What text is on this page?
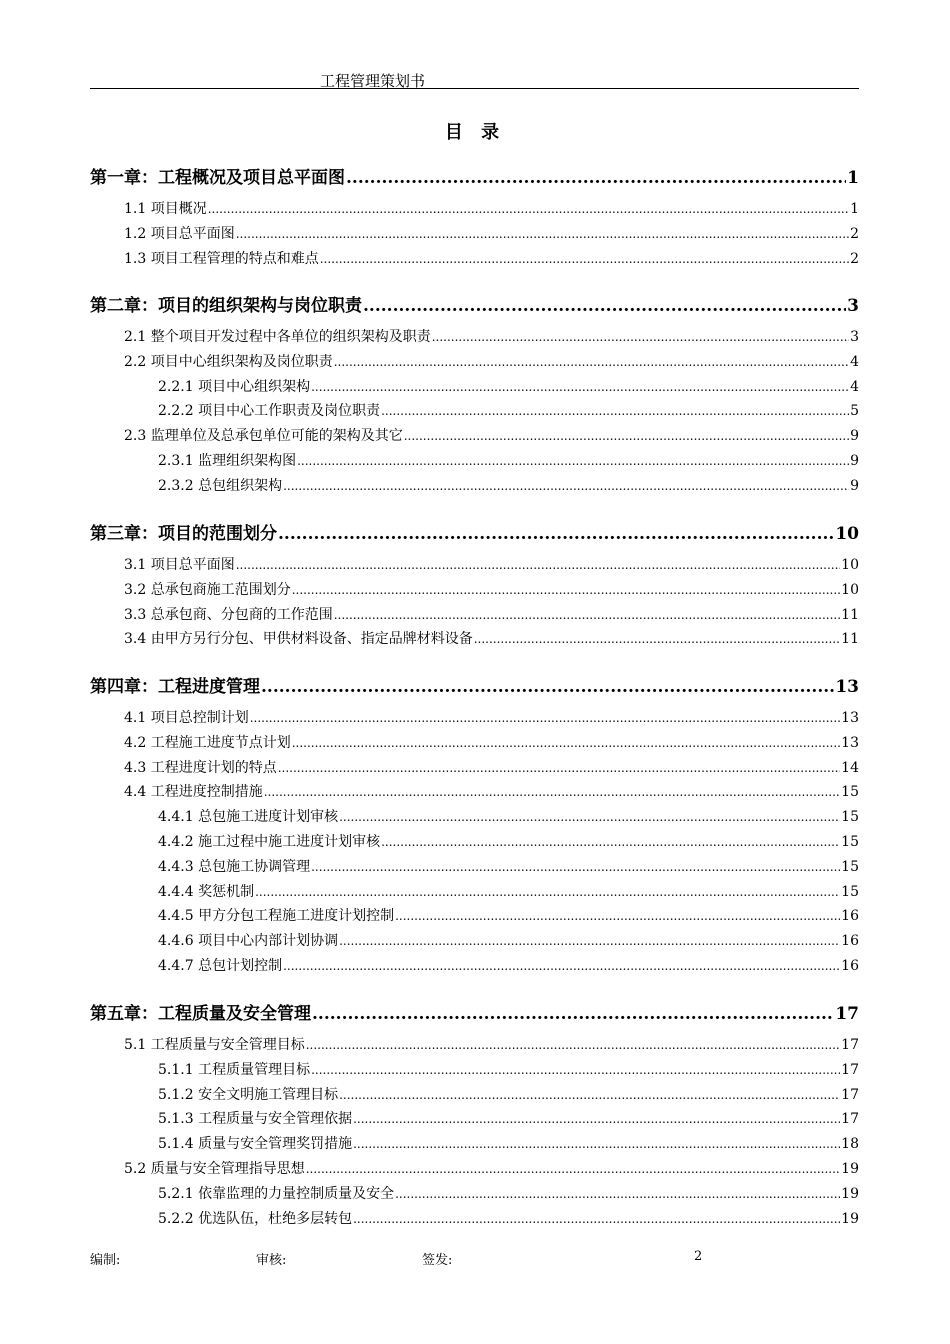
工程管理策划书
目 录
第一章：工程概况及项目总平面图 .....	1
1.1 项目概况 .....	1
1.2 项目总平面图 .....	2
1.3 项目工程管理的特点和难点 .....	2
第二章：项目的组织架构与岗位职责 .....	3
2.1 整个项目开发过程中各单位的组织架构及职责 .....	3
2.2 项目中心组织架构及岗位职责 .....	4
2.2.1 项目中心组织架构 .....	4
2.2.2 项目中心工作职责及岗位职责 .....	5
2.3 监理单位及总承包单位可能的架构及其它 .....	9
2.3.1 监理组织架构图 .....	9
2.3.2 总包组织架构 .....	9
第三章：项目的范围划分 .....	10
3.1 项目总平面图 .....	10
3.2 总承包商施工范围划分 .....	10
3.3 总承包商、分包商的工作范围 .....	11
3.4 由甲方另行分包、甲供材料设备、指定品牌材料设备 .....	11
第四章：工程进度管理 .....	13
4.1 项目总控制计划 .....	13
4.2 工程施工进度节点计划 .....	13
4.3 工程进度计划的特点 .....	14
4.4 工程进度控制措施 .....	15
4.4.1 总包施工进度计划审核 .....	15
4.4.2 施工过程中施工进度计划审核 .....	15
4.4.3 总包施工协调管理 .....	15
4.4.4 奖惩机制 .....	15
4.4.5 甲方分包工程施工进度计划控制 .....	16
4.4.6 项目中心内部计划协调 .....	16
4.4.7 总包计划控制 .....	16
第五章：工程质量及安全管理 .....	17
5.1 工程质量与安全管理目标 .....	17
5.1.1 工程质量管理目标 .....	17
5.1.2 安全文明施工管理目标 .....	17
5.1.3 工程质量与安全管理依据 .....	17
5.1.4 质量与安全管理奖罚措施 .....	18
5.2 质量与安全管理指导思想 .....	19
5.2.1 依靠监理的力量控制质量及安全 .....	19
5.2.2 优选队伍，杜绝多层转包 .....	19
编制:	审核:	签发:	2
